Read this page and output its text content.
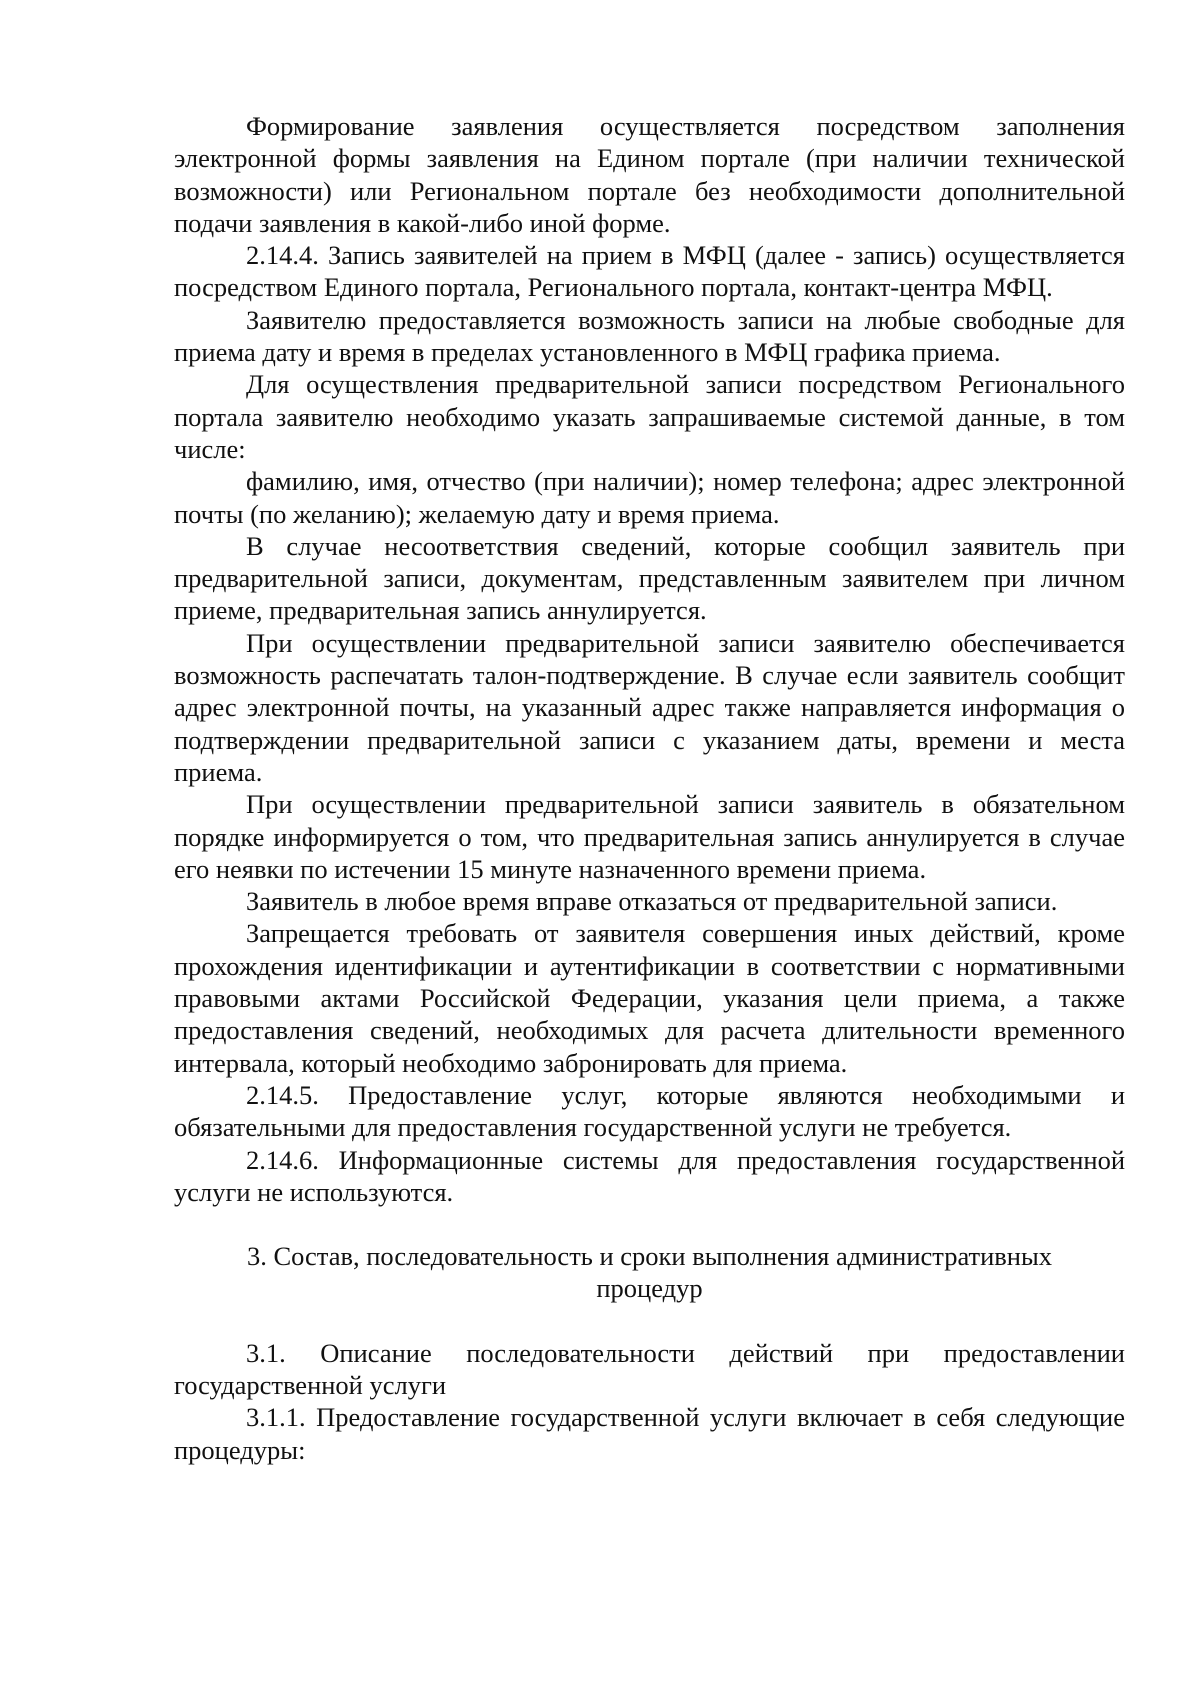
Формирование заявления осуществляется посредством заполнения электронной формы заявления на Едином портале (при наличии технической возможности) или Региональном портале без необходимости дополнительной подачи заявления в какой-либо иной форме.

2.14.4. Запись заявителей на прием в МФЦ (далее - запись) осуществляется посредством Единого портала, Регионального портала, контакт-центра МФЦ.

Заявителю предоставляется возможность записи на любые свободные для приема дату и время в пределах установленного в МФЦ графика приема.

Для осуществления предварительной записи посредством Регионального портала заявителю необходимо указать запрашиваемые системой данные, в том числе:

фамилию, имя, отчество (при наличии); номер телефона; адрес электронной почты (по желанию); желаемую дату и время приема.

В случае несоответствия сведений, которые сообщил заявитель при предварительной записи, документам, представленным заявителем при личном приеме, предварительная запись аннулируется.

При осуществлении предварительной записи заявителю обеспечивается возможность распечатать талон-подтверждение. В случае если заявитель сообщит адрес электронной почты, на указанный адрес также направляется информация о подтверждении предварительной записи с указанием даты, времени и места приема.

При осуществлении предварительной записи заявитель в обязательном порядке информируется о том, что предварительная запись аннулируется в случае его неявки по истечении 15 минуте назначенного времени приема.

Заявитель в любое время вправе отказаться от предварительной записи.

Запрещается требовать от заявителя совершения иных действий, кроме прохождения идентификации и аутентификации в соответствии с нормативными правовыми актами Российской Федерации, указания цели приема, а также предоставления сведений, необходимых для расчета длительности временного интервала, который необходимо забронировать для приема.

2.14.5. Предоставление услуг, которые являются необходимыми и обязательными для предоставления государственной услуги не требуется.

2.14.6. Информационные системы для предоставления государственной услуги не используются.

3. Состав, последовательность и сроки выполнения административных
процедур

3.1. Описание последовательности действий при предоставлении государственной услуги

3.1.1. Предоставление государственной услуги включает в себя следующие процедуры:
